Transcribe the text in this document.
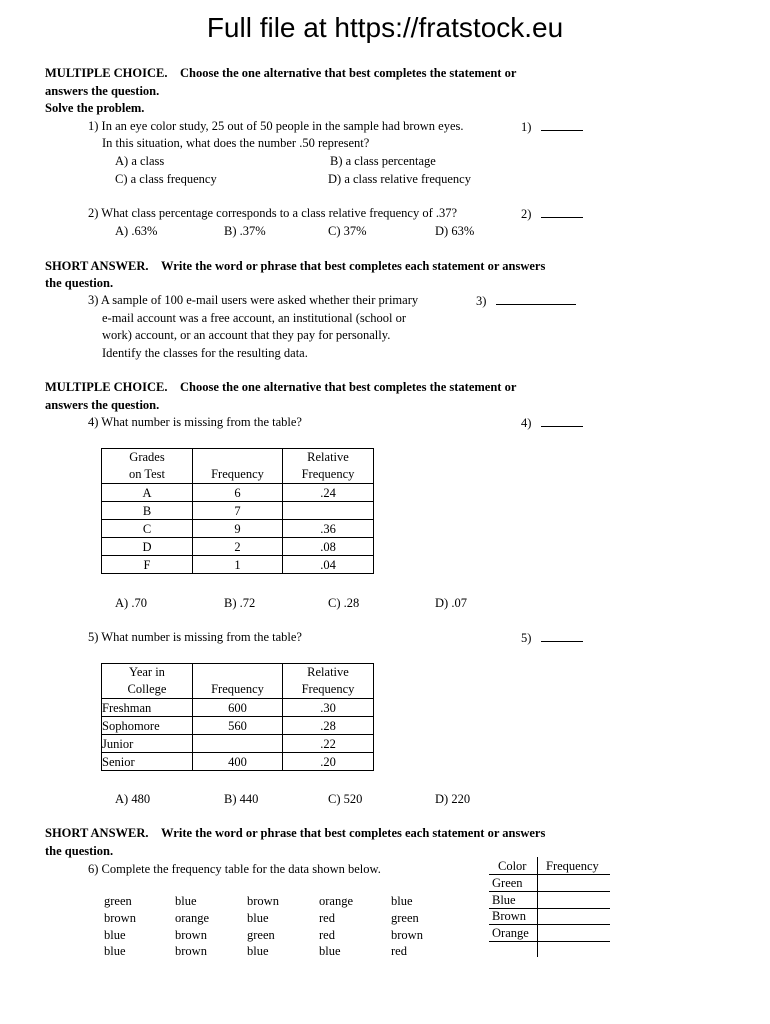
Full file at https://fratstock.eu
MULTIPLE CHOICE. Choose the one alternative that best completes the statement or
answers the question.
Solve the problem.
1) In an eye color study, 25 out of 50 people in the sample had brown eyes.
In this situation, what does the number .50 represent?
1)
A) a class	B) a class percentage
C) a class frequency	D) a class relative frequency
2) What class percentage corresponds to a class relative frequency of .37?	2)
A) .63%	B) .37%	C) 37%	D) 63%
SHORT ANSWER. Write the word or phrase that best completes each statement or answers
the question.
3) A sample of 100 e-mail users were asked whether their primary
e-mail account was a free account, an institutional (school or
work) account, or an account that they pay for personally.
Identify the classes for the resulting data.
3)
MULTIPLE CHOICE. Choose the one alternative that best completes the statement or
answers the question.
4) What number is missing from the table?	4)
Grades
on Test	Frequency	Relative
Frequency
A	6	.24
B	7	
C	9	.36
D	2	.08
F	1	.04
A) .70	B) .72	C) .28	D) .07
5) What number is missing from the table?	5)
Year in
College	Frequency	Relative
Frequency
Freshman	600	.30
Sophomore	560	.28
Junior		.22
Senior	400	.20
A) 480	B) 440	C) 520	D) 220
SHORT ANSWER. Write the word or phrase that best completes each statement or answers
the question.
6) Complete the frequency table for the data shown below.
green	blue	brown	orange	blue
brown	orange	blue	red	green
blue	brown	green	red	brown
blue	brown	blue	blue	red
Color Frequency
Green
Blue
Brown
Orange
